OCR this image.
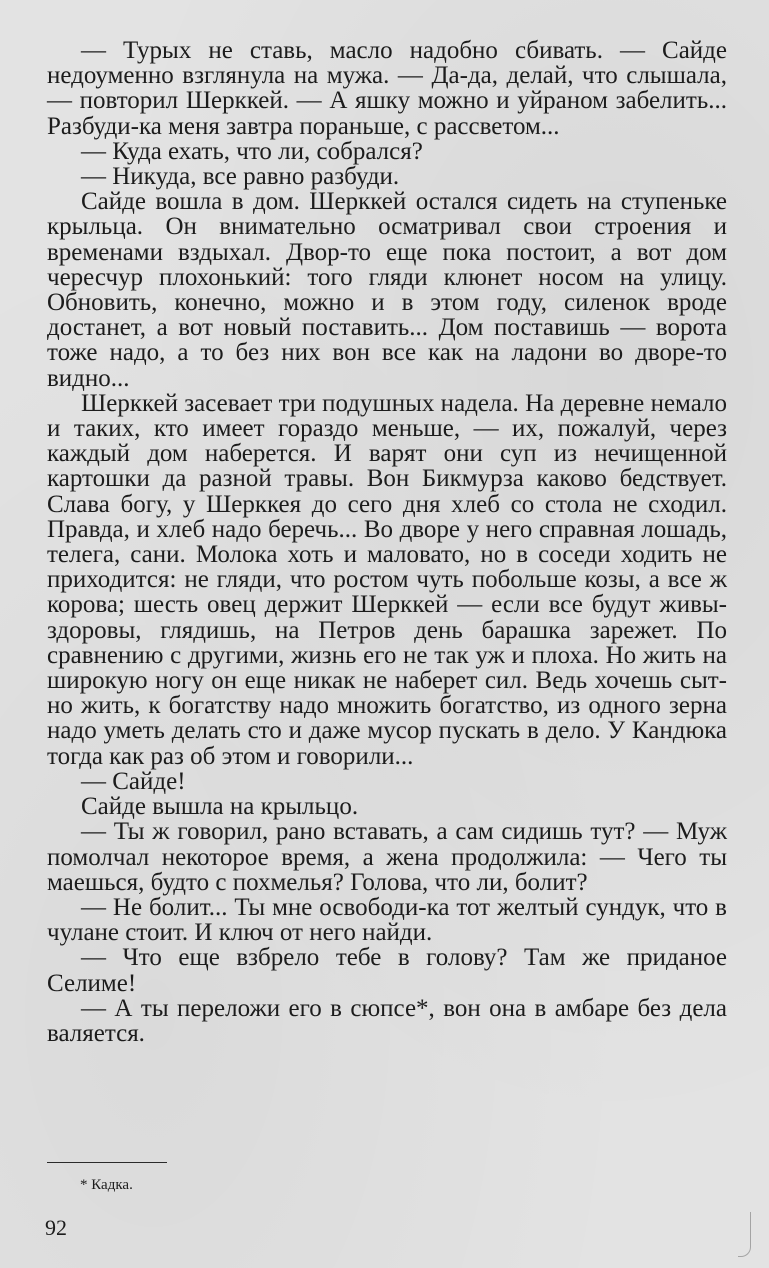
— Турых не ставь, масло надобно сбивать. — Сайде недоуменно взглянула на мужа. — Да-да, делай, что слышала, — повторил Шерккей. — А яшку можно и уйраном забелить... Разбуди-ка меня завтра пораньше, с рассветом...

— Куда ехать, что ли, собрался?

— Никуда, все равно разбуди.

Сайде вошла в дом. Шерккей остался сидеть на ступеньке крыльца. Он внимательно осматривал свои строения и временами вздыхал. Двор-то еще пока постоит, а вот дом чересчур плохонький: того гляди клюнет носом на улицу. Обновить, конечно, можно и в этом году, силенок вроде достанет, а вот новый поставить... Дом поставишь — ворота тоже надо, а то без них вон все как на ладони во дворе-то видно...

Шерккей засевает три подушных надела. На деревне немало и таких, кто имеет гораздо меньше, — их, пожалуй, через каждый дом наберется. И варят они суп из нечищенной картошки да разной травы. Вон Бикмурза каково бедствует. Слава богу, у Шерккея до сего дня хлеб со стола не сходил. Правда, и хлеб надо беречь... Во дворе у него справная лошадь, телега, сани. Молока хоть и маловато, но в соседи ходить не приходится: не гляди, что ростом чуть побольше козы, а все ж корова; шесть овец держит Шерккей — если все будут живы-здоровы, глядишь, на Петров день барашка зарежет. По сравнению с другими, жизнь его не так уж и плоха. Но жить на широкую ногу он еще никак не наберет сил. Ведь хочешь сытно жить, к богатству надо множить богатство, из одного зерна надо уметь делать сто и даже мусор пускать в дело. У Кандюка тогда как раз об этом и говорили...

— Сайде!

Сайде вышла на крыльцо.

— Ты ж говорил, рано вставать, а сам сидишь тут? — Муж помолчал некоторое время, а жена продолжила: — Чего ты маешься, будто с похмелья? Голова, что ли, болит?

— Не болит... Ты мне освободи-ка тот желтый сундук, что в чулане стоит. И ключ от него найди.

— Что еще взбрело тебе в голову? Там же приданое Селиме!

— А ты переложи его в сюпсе*, вон она в амбаре без дела валяется.

* Кадка.
92
